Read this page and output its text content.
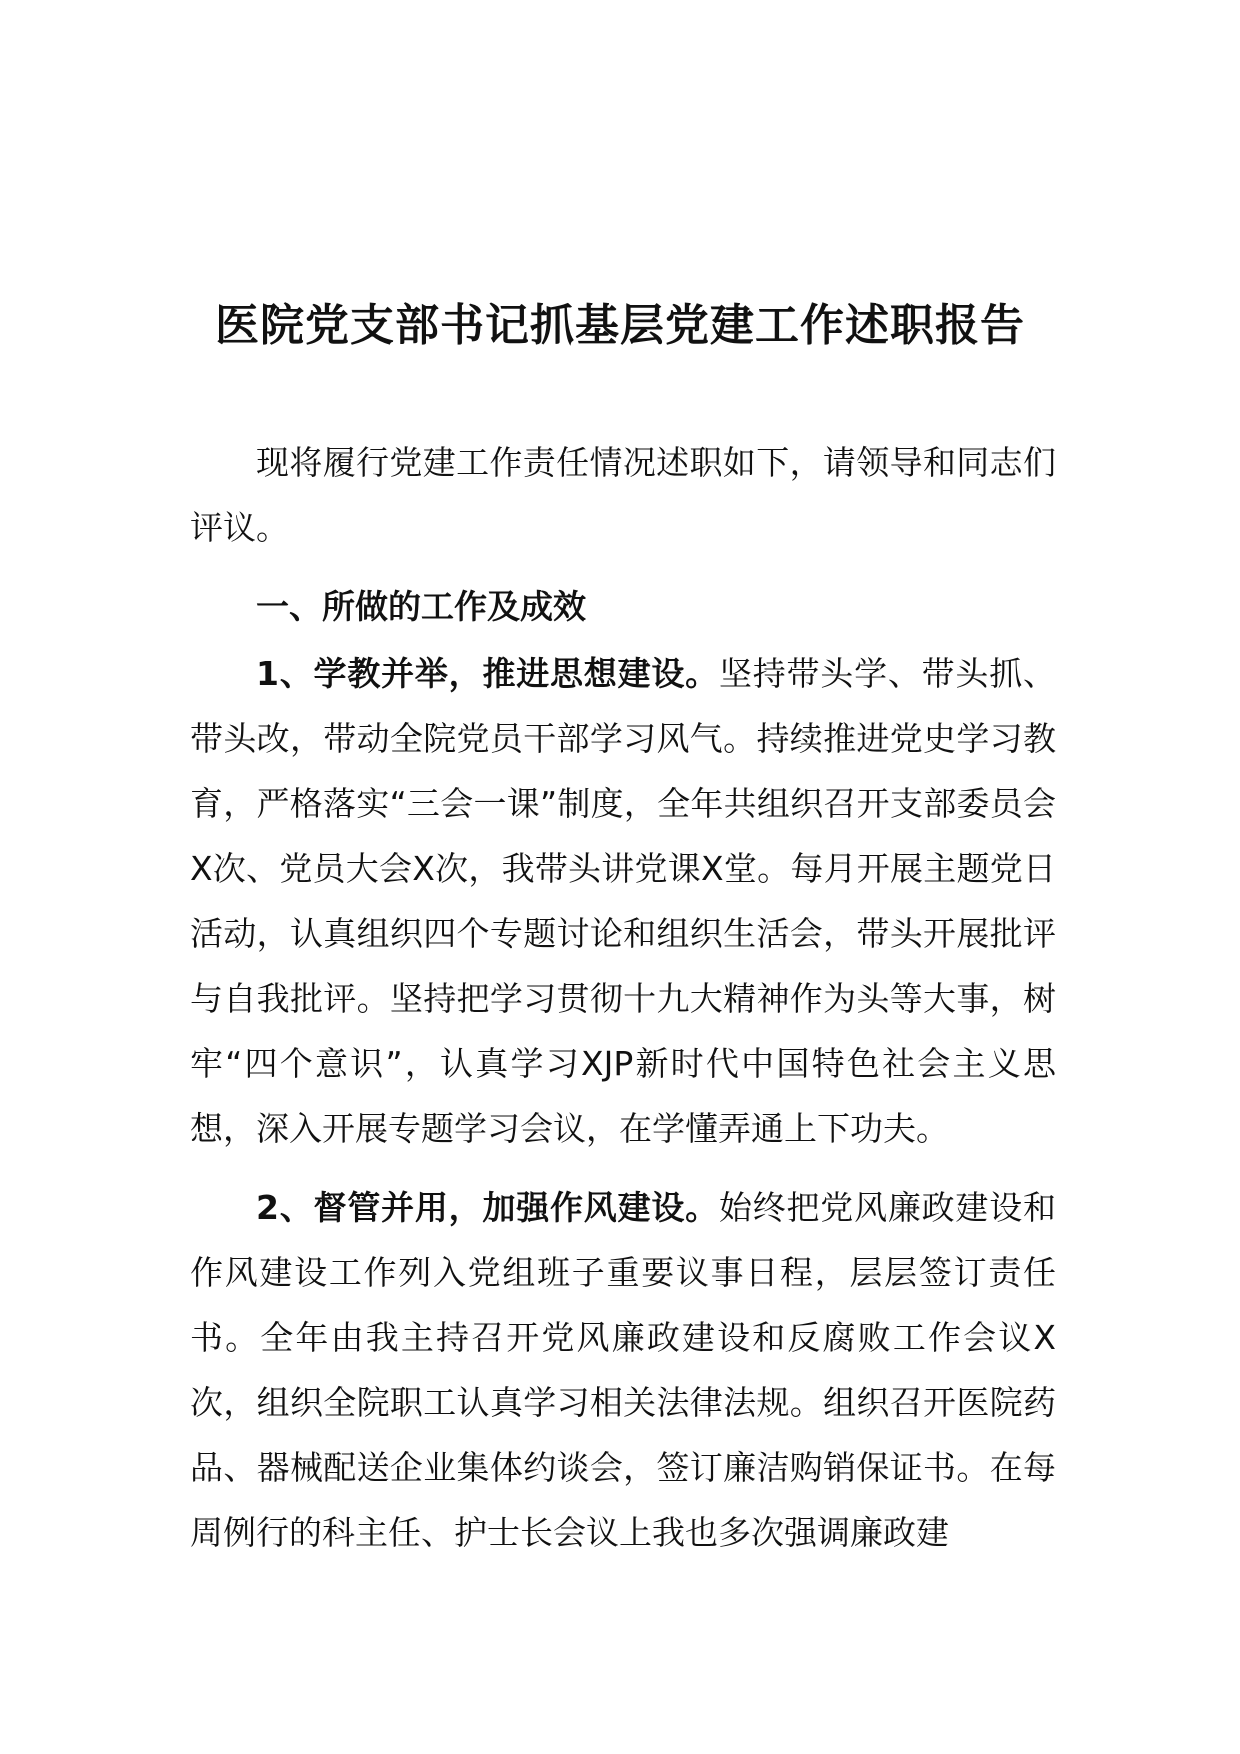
医院党支部书记抓基层党建工作述职报告

现将履行党建工作责任情况述职如下，请领导和同志们评议。

一、所做的工作及成效

1、学教并举，推进思想建设。坚持带头学、带头抓、带头改，带动全院党员干部学习风气。持续推进党史学习教育，严格落实“三会一课”制度，全年共组织召开支部委员会X次、党员大会X次，我带头讲党课X堂。每月开展主题党日活动，认真组织四个专题讨论和组织生活会，带头开展批评与自我批评。坚持把学习贯彻十九大精神作为头等大事，树牢“四个意识”，认真学习XJP新时代中国特色社会主义思想，深入开展专题学习会议，在学懂弄通上下功夫。

2、督管并用，加强作风建设。始终把党风廉政建设和作风建设工作列入党组班子重要议事日程，层层签订责任书。全年由我主持召开党风廉政建设和反腐败工作会议X次，组织全院职工认真学习相关法律法规。组织召开医院药品、器械配送企业集体约谈会，签订廉洁购销保证书。在每周例行的科主任、护士长会议上我也多次强调廉政建
